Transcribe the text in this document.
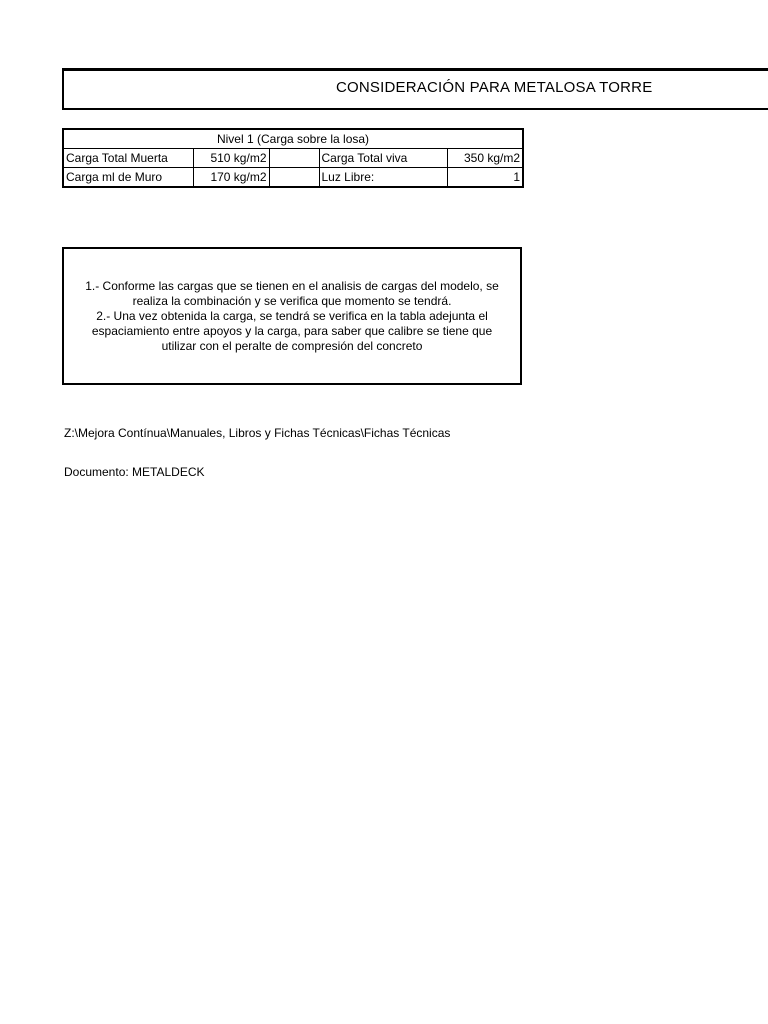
CONSIDERACIÓN PARA METALOSA TORRE
Nivel 1 (Carga sobre la losa)				
Carga Total Muerta	510 kg/m2		Carga Total viva	350 kg/m2
Carga ml de Muro	170 kg/m2		Luz Libre:	1

1.- Conforme las cargas que se tienen en el analisis de cargas del modelo, se realiza la combinación y se verifica que momento se tendrá.

2.- Una vez obtenida la carga, se tendrá se verifica en la tabla adejunta el espaciamiento entre apoyos y la carga, para saber que calibre se tiene que utilizar con el peralte de compresión del concreto

Z:\Mejora Contínua\Manuales, Libros y Fichas Técnicas\Fichas Técnicas
Documento: METALDECK
